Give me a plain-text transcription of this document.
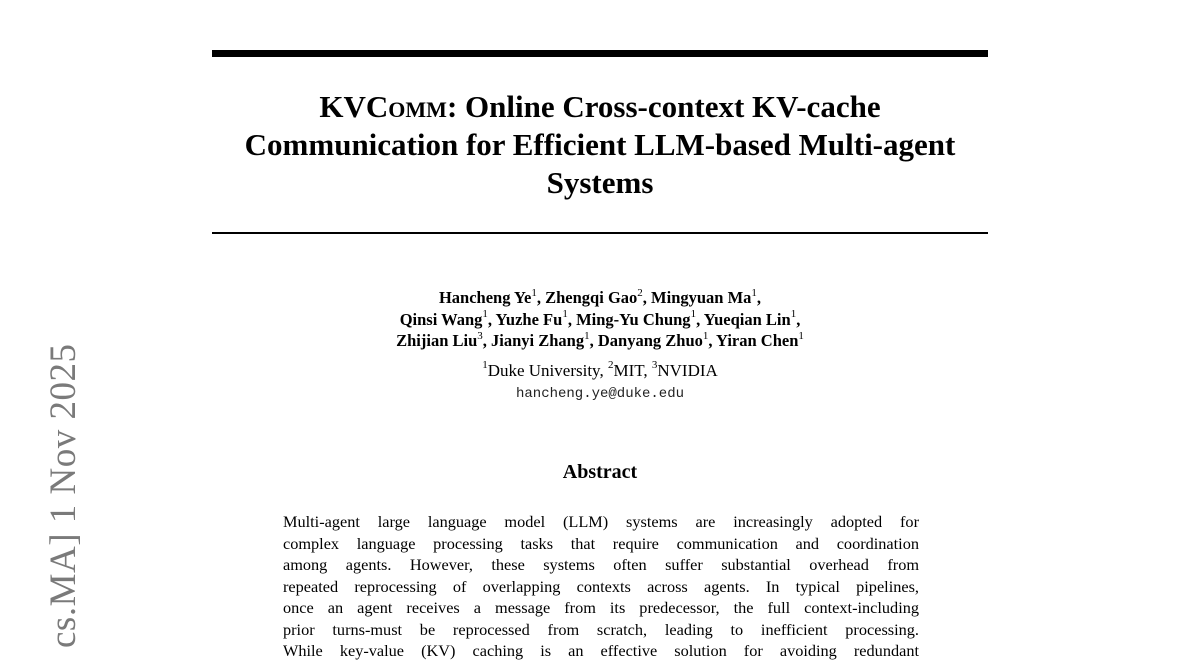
cs.MA] 1 Nov 2025
KVComm: Online Cross-context KV-cache
Communication for Efficient LLM-based Multi-agent
Systems
Hancheng Ye$^1$, Zhengqi Gao$^2$, Mingyuan Ma$^1$,
Qinsi Wang$^1$, Yuzhe Fu$^1$, Ming-Yu Chung$^1$, Yueqian Lin$^1$,
Zhijian Liu$^3$, Jianyi Zhang$^1$, Danyang Zhuo$^1$, Yiran Chen$^1$
$^1$Duke University, $^2$MIT, $^3$NVIDIA
hancheng.ye@duke.edu
Abstract
Multi-agent large language model (LLM) systems are increasingly adopted for
complex language processing tasks that require communication and coordination
among agents. However, these systems often suffer substantial overhead from
repeated reprocessing of overlapping contexts across agents. In typical pipelines,
once an agent receives a message from its predecessor, the full context-including
prior turns-must be reprocessed from scratch, leading to inefficient processing.
While key-value (KV) caching is an effective solution for avoiding redundant
